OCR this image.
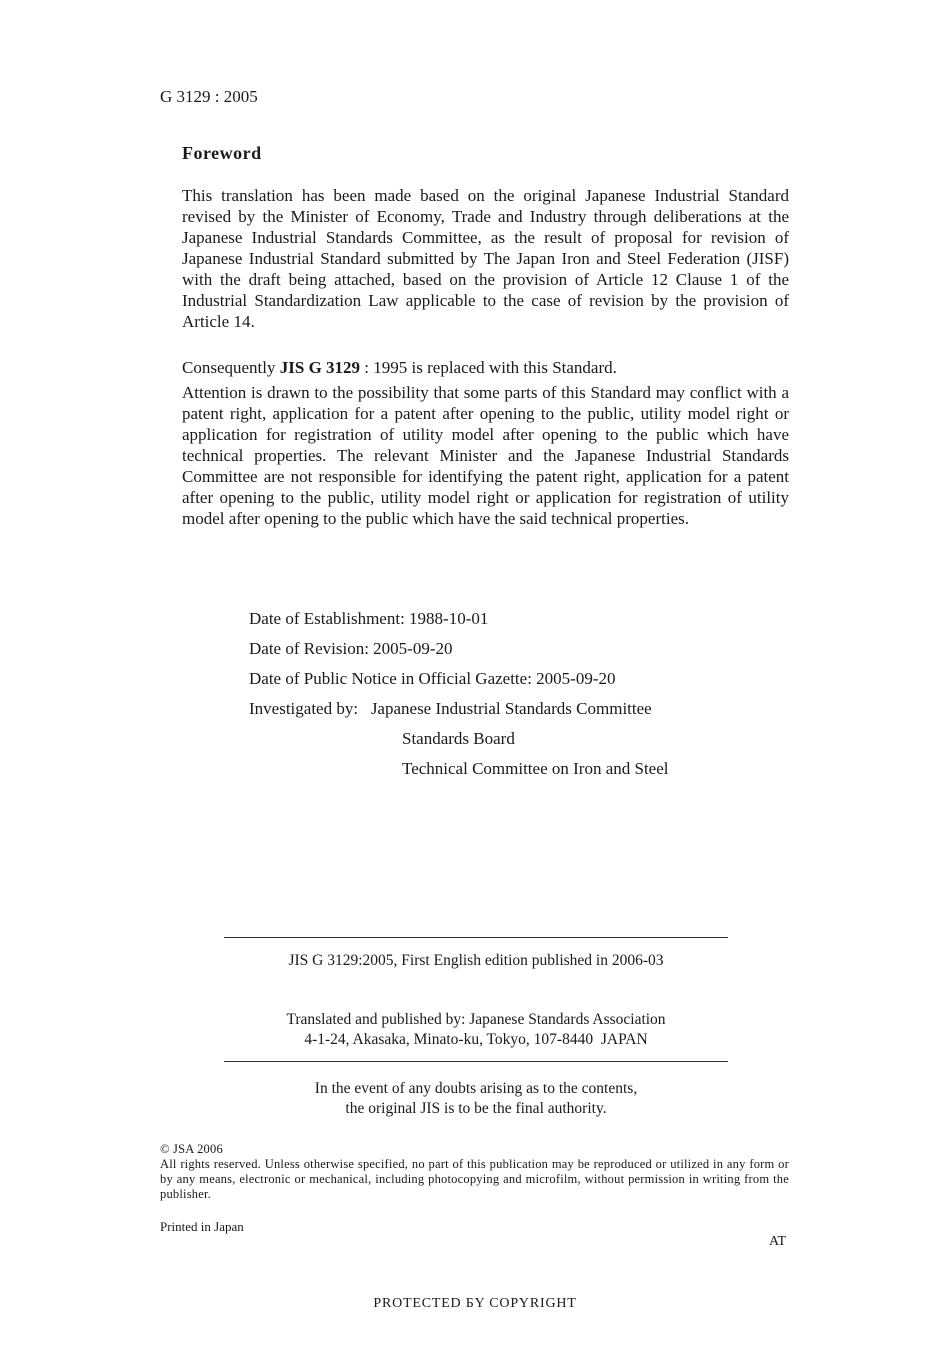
G 3129 : 2005
Foreword

This translation has been made based on the original Japanese Industrial Standard revised by the Minister of Economy, Trade and Industry through deliberations at the Japanese Industrial Standards Committee, as the result of proposal for revision of Japanese Industrial Standard submitted by The Japan Iron and Steel Federation (JISF) with the draft being attached, based on the provision of Article 12 Clause 1 of the Industrial Standardization Law applicable to the case of revision by the provision of Article 14.

Consequently JIS G 3129 : 1995 is replaced with this Standard.

Attention is drawn to the possibility that some parts of this Standard may conflict with a patent right, application for a patent after opening to the public, utility model right or application for registration of utility model after opening to the public which have technical properties. The relevant Minister and the Japanese Industrial Standards Committee are not responsible for identifying the patent right, application for a patent after opening to the public, utility model right or application for registration of utility model after opening to the public which have the said technical properties.

Date of Establishment: 1988-10-01
Date of Revision: 2005-09-20
Date of Public Notice in Official Gazette: 2005-09-20
Investigated by: Japanese Industrial Standards Committee
Standards Board
Technical Committee on Iron and Steel
JIS G 3129:2005, First English edition published in 2006-03
Translated and published by: Japanese Standards Association
4-1-24, Akasaka, Minato-ku, Tokyo, 107-8440  JAPAN
In the event of any doubts arising as to the contents,
the original JIS is to be the final authority.
© JSA 2006
All rights reserved. Unless otherwise specified, no part of this publication may be reproduced or utilized in any form or by any means, electronic or mechanical, including photocopying and microfilm, without permission in writing from the publisher.
Printed in Japan
AT
PROTECTED БY COPYRIGHT
